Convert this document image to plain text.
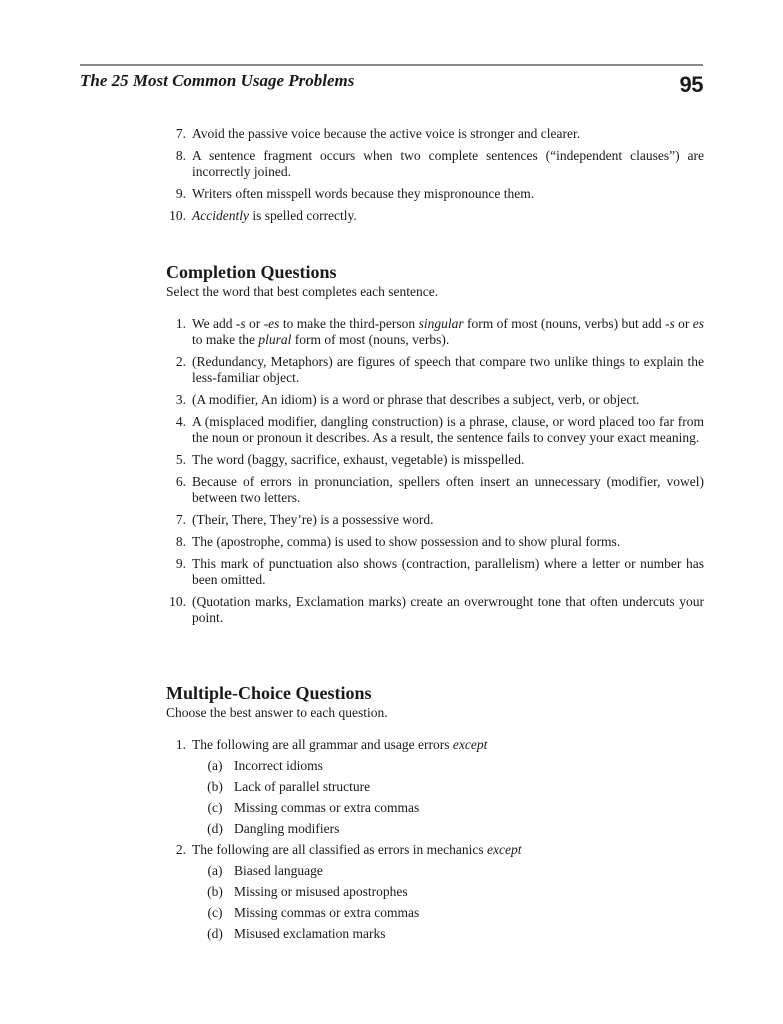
The 25 Most Common Usage Problems	95
7. Avoid the passive voice because the active voice is stronger and clearer.
8. A sentence fragment occurs when two complete sentences (“independent clauses”) are incorrectly joined.
9. Writers often misspell words because they mispronounce them.
10. Accidently is spelled correctly.
Completion Questions

Select the word that best completes each sentence.

1. We add -s or -es to make the third-person singular form of most (nouns, verbs) but add -s or es to make the plural form of most (nouns, verbs).
2. (Redundancy, Metaphors) are figures of speech that compare two unlike things to explain the less-familiar object.
3. (A modifier, An idiom) is a word or phrase that describes a subject, verb, or object.
4. A (misplaced modifier, dangling construction) is a phrase, clause, or word placed too far from the noun or pronoun it describes. As a result, the sentence fails to convey your exact meaning.
5. The word (baggy, sacrifice, exhaust, vegetable) is misspelled.
6. Because of errors in pronunciation, spellers often insert an unnecessary (modifier, vowel) between two letters.
7. (Their, There, They’re) is a possessive word.
8. The (apostrophe, comma) is used to show possession and to show plural forms.
9. This mark of punctuation also shows (contraction, parallelism) where a letter or number has been omitted.
10. (Quotation marks, Exclamation marks) create an overwrought tone that often undercuts your point.
Multiple-Choice Questions

Choose the best answer to each question.

1. The following are all grammar and usage errors except
(a) Incorrect idioms
(b) Lack of parallel structure
(c) Missing commas or extra commas
(d) Dangling modifiers
2. The following are all classified as errors in mechanics except
(a) Biased language
(b) Missing or misused apostrophes
(c) Missing commas or extra commas
(d) Misused exclamation marks
